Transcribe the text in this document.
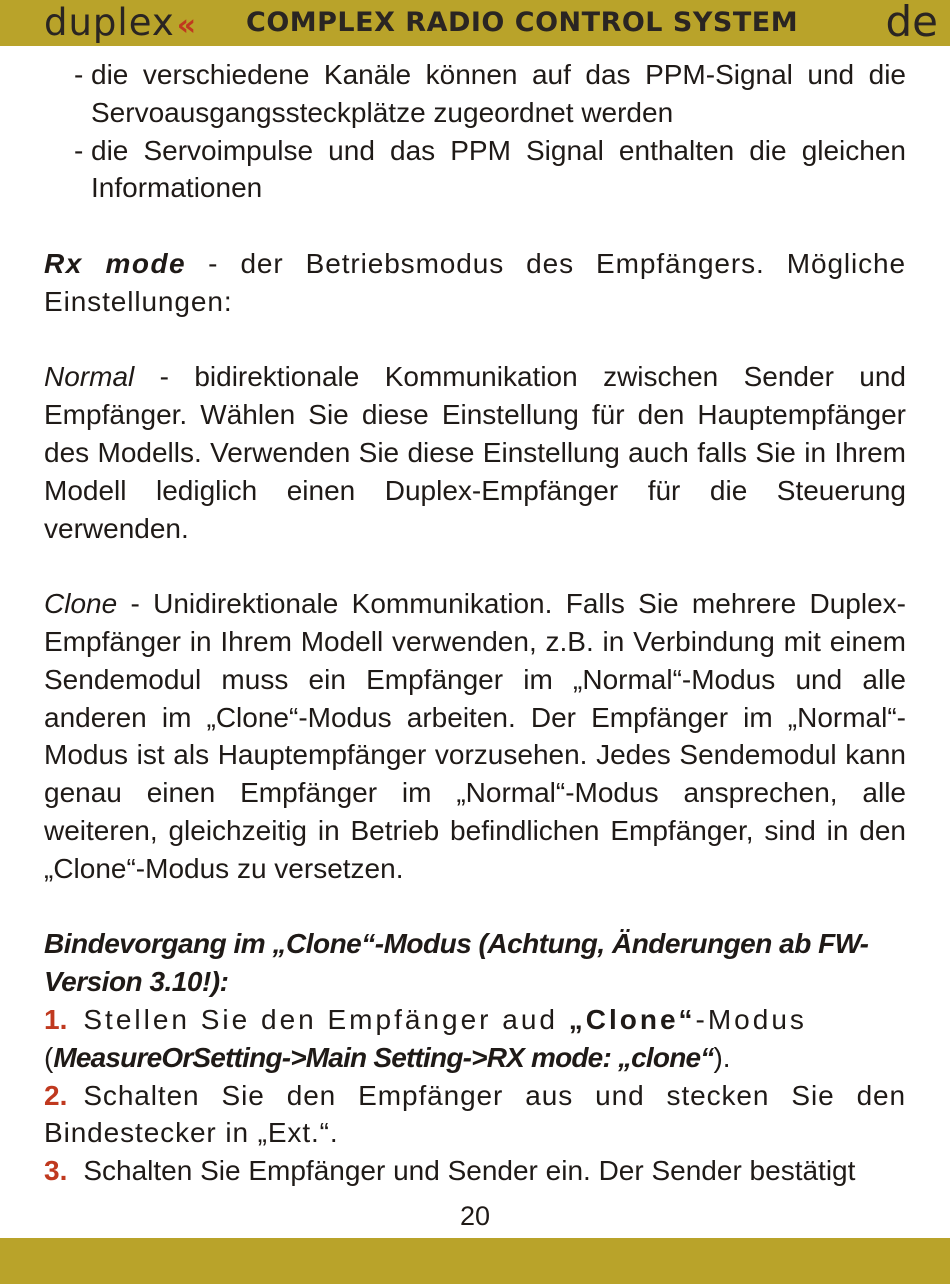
duplex« COMPLEX RADIO CONTROL SYSTEM de

- die verschiedene Kanäle können auf das PPM-Signal und die Servoausgangssteckplätze zugeordnet werden

- die Servoimpulse und das PPM Signal enthalten die gleichen Informationen

Rx mode - der Betriebsmodus des Empfängers. Mögliche Einstellungen:

Normal - bidirektionale Kommunikation zwischen Sender und Empfänger. Wählen Sie diese Einstellung für den Hauptempfänger des Modells. Verwenden Sie diese Einstellung auch falls Sie in Ihrem Modell lediglich einen Duplex-Empfänger für die Steuerung verwenden.

Clone - Unidirektionale Kommunikation. Falls Sie mehrere Duplex-Empfänger in Ihrem Modell verwenden, z.B. in Verbindung mit einem Sendemodul muss ein Empfänger im „Normal“-Modus und alle anderen im „Clone“-Modus arbeiten. Der Empfänger im „Normal“-Modus ist als Hauptempfänger vorzusehen. Jedes Sendemodul kann genau einen Empfänger im „Normal“-Modus ansprechen, alle weiteren, gleichzeitig in Betrieb befindlichen Empfänger, sind in den „Clone“-Modus zu versetzen.

Bindevorgang im „Clone“-Modus (Achtung, Änderungen ab FW-Version 3.10!):

1. Stellen Sie den Empfänger aud „Clone“-Modus
(MeasureOrSetting->Main Setting->RX mode: „clone“).

2. Schalten Sie den Empfänger aus und stecken Sie den Bindestecker in „Ext.“.

3. Schalten Sie Empfänger und Sender ein. Der Sender bestätigt

20
